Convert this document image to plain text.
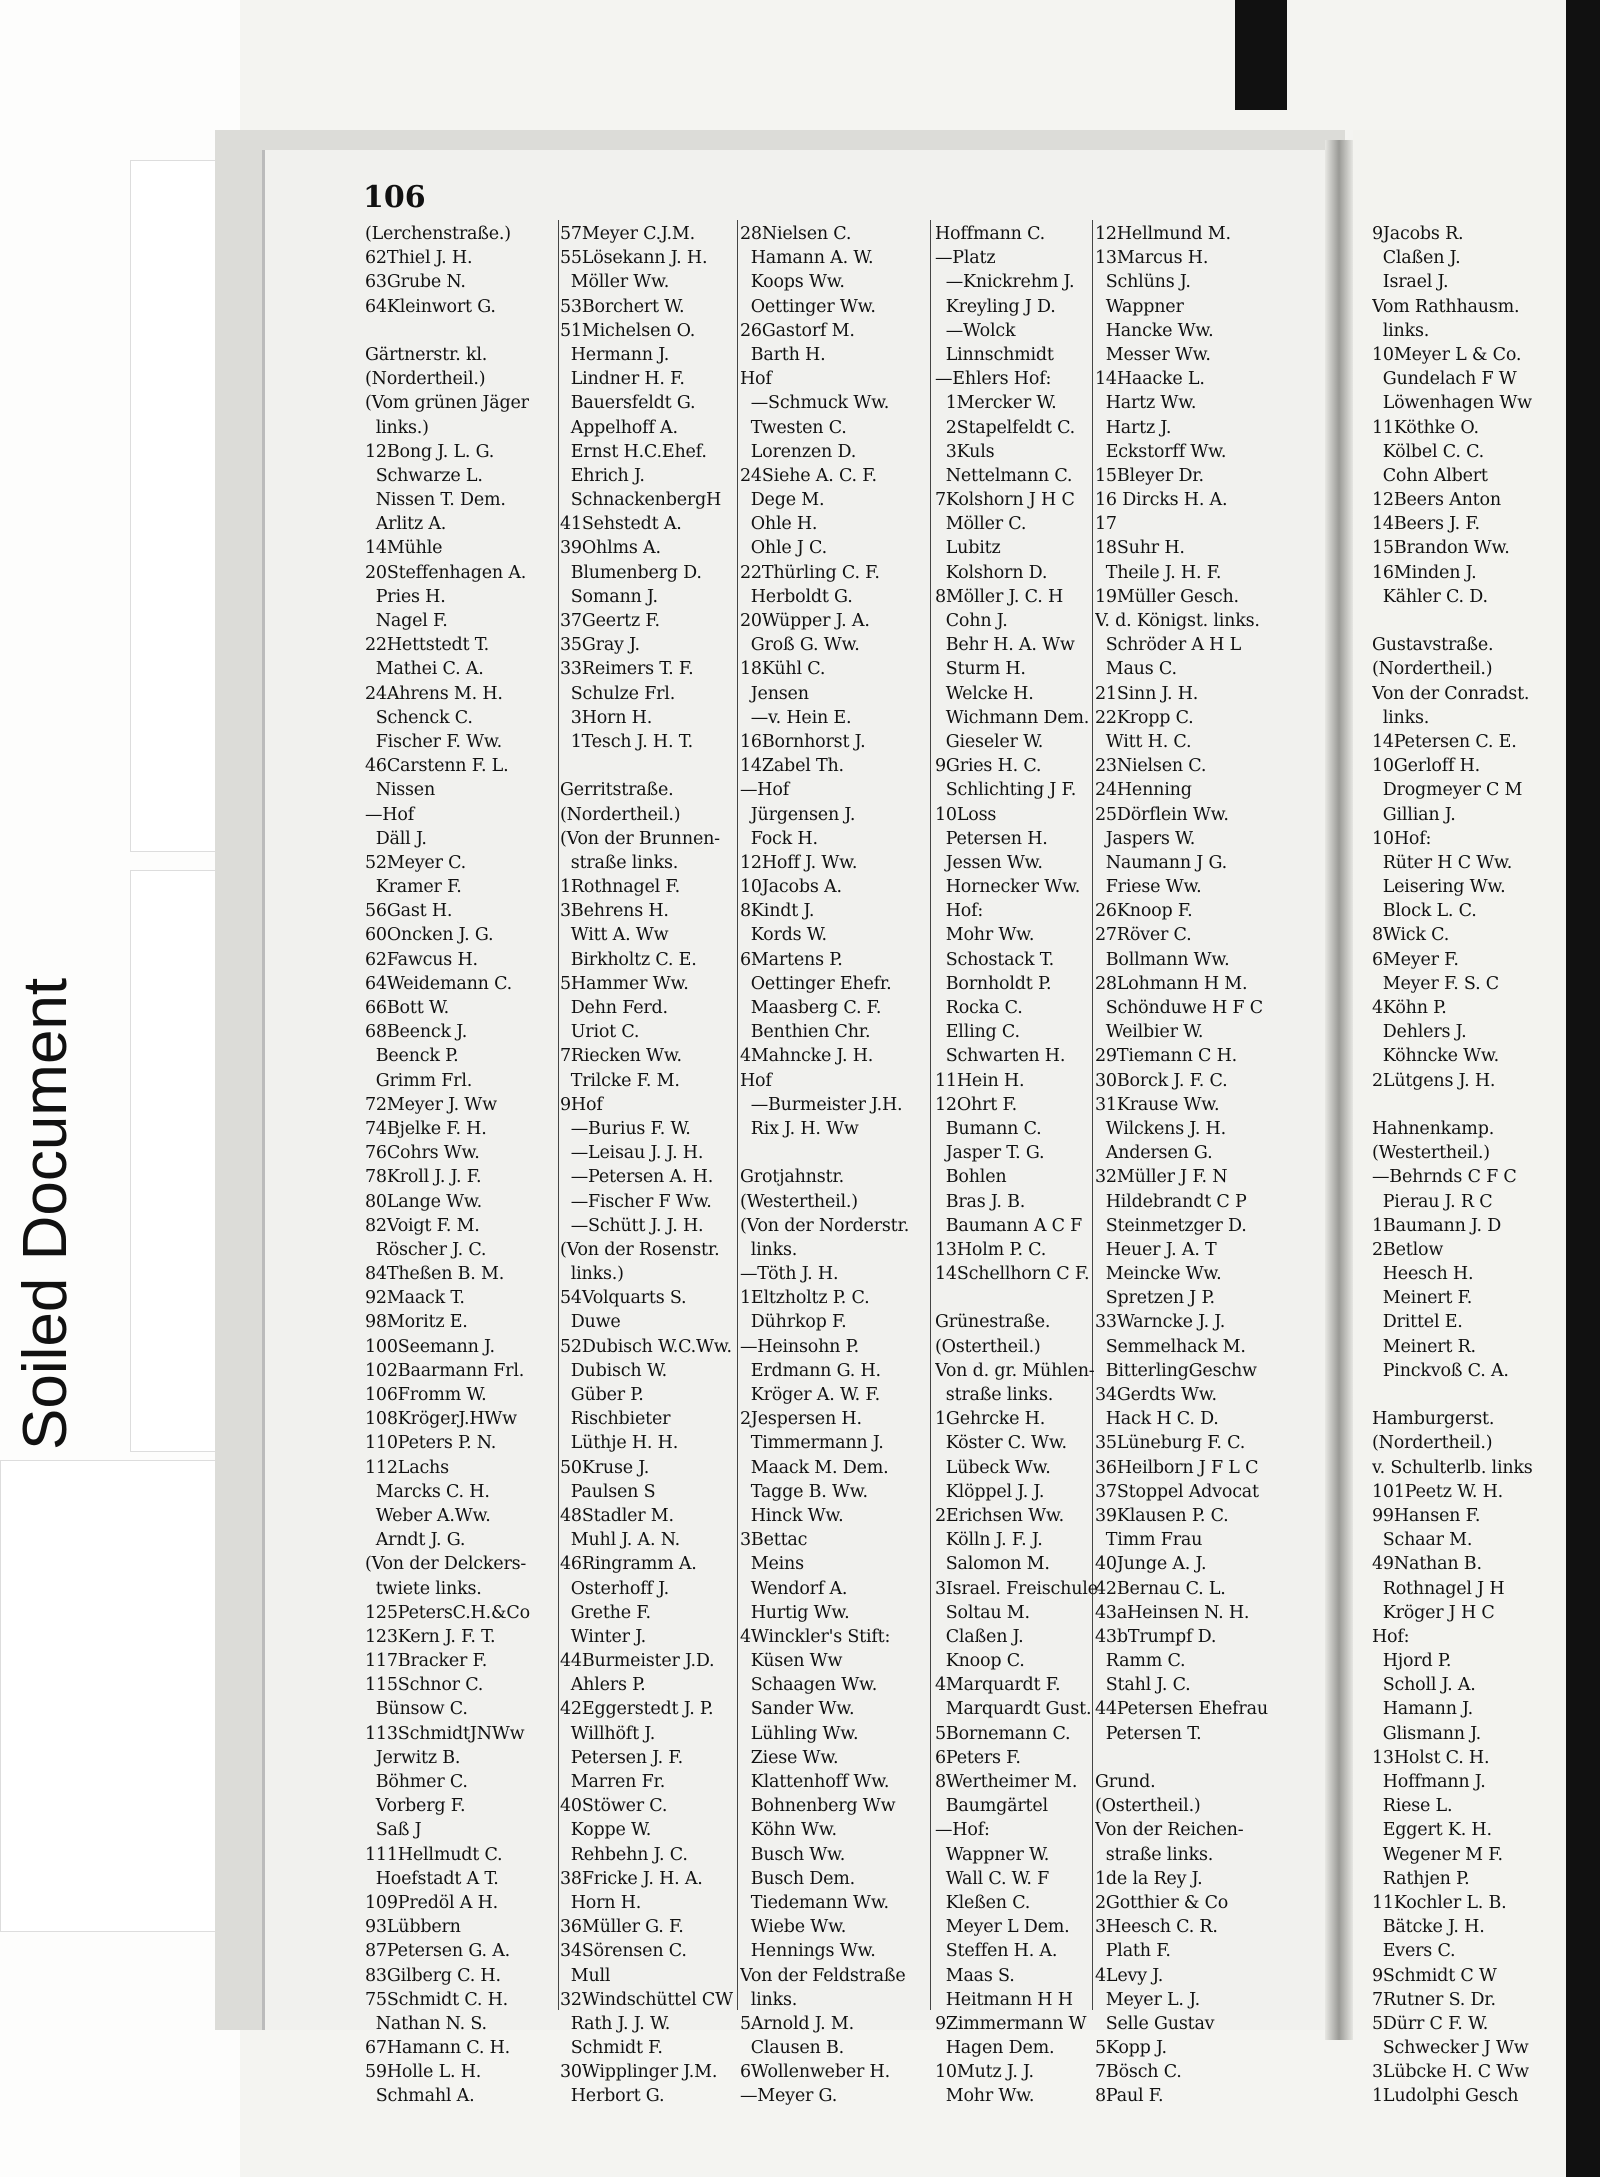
Soiled Document
106
(Lerchenstraße.)
62Thiel J. H.
63Grube N.
64Kleinwort G.
Gärtnerstr. kl.
(Nordertheil.)
(Vom grünen Jäger
links.)
12Bong J. L. G.
Schwarze L.
Nissen T. Dem.
Arlitz A.
14Mühle
20Steffenhagen A.
Pries H.
Nagel F.
22Hettstedt T.
Mathei C. A.
24Ahrens M. H.
Schenck C.
Fischer F. Ww.
46Carstenn F. L.
Nissen
—Hof
Däll J.
52Meyer C.
Kramer F.
56Gast H.
60Oncken J. G.
62Fawcus H.
64Weidemann C.
66Bott W.
68Beenck J.
Beenck P.
Grimm Frl.
72Meyer J. Ww
74Bjelke F. H.
76Cohrs Ww.
78Kroll J. J. F.
80Lange Ww.
82Voigt F. M.
Röscher J. C.
84Theßen B. M.
92Maack T.
98Moritz E.
100Seemann J.
102Baarmann Frl.
106Fromm W.
108KrögerJ.HWw
110Peters P. N.
112Lachs
Marcks C. H.
Weber A.Ww.
Arndt J. G.
(Von der Delckers-
twiete links.
125PetersC.H.&Co
123Kern J. F. T.
117Bracker F.
115Schnor C.
Bünsow C.
113SchmidtJNWw
Jerwitz B.
Böhmer C.
Vorberg F.
Saß J
111Hellmudt C.
Hoefstadt A T.
109Predöl A H.
93Lübbern
87Petersen G. A.
83Gilberg C. H.
75Schmidt C. H.
Nathan N. S.
67Hamann C. H.
59Holle L. H.
Schmahl A.
57Meyer C.J.M.
55Lösekann J. H.
Möller Ww.
53Borchert W.
51Michelsen O.
Hermann J.
Lindner H. F.
Bauersfeldt G.
Appelhoff A.
Ernst H.C.Ehef.
Ehrich J.
SchnackenbergH
41Sehstedt A.
39Ohlms A.
Blumenberg D.
Somann J.
37Geertz F.
35Gray J.
33Reimers T. F.
Schulze Frl.
3Horn H.
1Tesch J. H. T.
Gerritstraße.
(Nordertheil.)
(Von der Brunnen-
straße links.
1Rothnagel F.
3Behrens H.
Witt A. Ww
Birkholtz C. E.
5Hammer Ww.
Dehn Ferd.
Uriot C.
7Riecken Ww.
Trilcke F. M.
9Hof
—Burius F. W.
—Leisau J. J. H.
—Petersen A. H.
—Fischer F Ww.
—Schütt J. J. H.
(Von der Rosenstr.
links.)
54Volquarts S.
Duwe
52Dubisch W.C.Ww.
Dubisch W.
Güber P.
Rischbieter
Lüthje H. H.
50Kruse J.
Paulsen S
48Stadler M.
Muhl J. A. N.
46Ringramm A.
Osterhoff J.
Grethe F.
Winter J.
44Burmeister J.D.
Ahlers P.
42Eggerstedt J. P.
Willhöft J.
Petersen J. F.
Marren Fr.
40Stöwer C.
Koppe W.
Rehbehn J. C.
38Fricke J. H. A.
Horn H.
36Müller G. F.
34Sörensen C.
Mull
32Windschüttel CW
Rath J. J. W.
Schmidt F.
30Wipplinger J.M.
Herbort G.
28Nielsen C.
Hamann A. W.
Koops Ww.
Oettinger Ww.
26Gastorf M.
Barth H.
Hof
—Schmuck Ww.
Twesten C.
Lorenzen D.
24Siehe A. C. F.
Dege M.
Ohle H.
Ohle J C.
22Thürling C. F.
Herboldt G.
20Wüpper J. A.
Groß G. Ww.
18Kühl C.
Jensen
—v. Hein E.
16Bornhorst J.
14Zabel Th.
—Hof
Jürgensen J.
Fock H.
12Hoff J. Ww.
10Jacobs A.
8Kindt J.
Kords W.
6Martens P.
Oettinger Ehefr.
Maasberg C. F.
Benthien Chr.
4Mahncke J. H.
Hof
—Burmeister J.H.
Rix J. H. Ww
Grotjahnstr.
(Westertheil.)
(Von der Norderstr.
links.
—Töth J. H.
1Eltzholtz P. C.
Dührkop F.
—Heinsohn P.
Erdmann G. H.
Kröger A. W. F.
2Jespersen H.
Timmermann J.
Maack M. Dem.
Tagge B. Ww.
Hinck Ww.
3Bettac
Meins
Wendorf A.
Hurtig Ww.
4Winckler's Stift:
Küsen Ww
Schaagen Ww.
Sander Ww.
Lühling Ww.
Ziese Ww.
Klattenhoff Ww.
Bohnenberg Ww
Köhn Ww.
Busch Ww.
Busch Dem.
Tiedemann Ww.
Wiebe Ww.
Hennings Ww.
Von der Feldstraße
links.
5Arnold J. M.
Clausen B.
6Wollenweber H.
—Meyer G.
Hoffmann C.
—Platz
—Knickrehm J.
Kreyling J D.
—Wolck
Linnschmidt
—Ehlers Hof:
1Mercker W.
2Stapelfeldt C.
3Kuls
Nettelmann C.
7Kolshorn J H C
Möller C.
Lubitz
Kolshorn D.
8Möller J. C. H
Cohn J.
Behr H. A. Ww
Sturm H.
Welcke H.
Wichmann Dem.
Gieseler W.
9Gries H. C.
Schlichting J F.
10Loss
Petersen H.
Jessen Ww.
Hornecker Ww.
Hof:
Mohr Ww.
Schostack T.
Bornholdt P.
Rocka C.
Elling C.
Schwarten H.
11Hein H.
12Ohrt F.
Bumann C.
Jasper T. G.
Bohlen
Bras J. B.
Baumann A C F
13Holm P. C.
14Schellhorn C F.
Grünestraße.
(Ostertheil.)
Von d. gr. Mühlen-
straße links.
1Gehrcke H.
Köster C. Ww.
Lübeck Ww.
Klöppel J. J.
2Erichsen Ww.
Kölln J. F. J.
Salomon M.
3Israel. Freischule
Soltau M.
Claßen J.
Knoop C.
4Marquardt F.
Marquardt Gust.
5Bornemann C.
6Peters F.
8Wertheimer M.
Baumgärtel
—Hof:
Wappner W.
Wall C. W. F
Kleßen C.
Meyer L Dem.
Steffen H. A.
Maas S.
Heitmann H H
9Zimmermann W
Hagen Dem.
10Mutz J. J.
Mohr Ww.
12Hellmund M.
13Marcus H.
Schlüns J.
Wappner
Hancke Ww.
Messer Ww.
14Haacke L.
Hartz Ww.
Hartz J.
Eckstorff Ww.
15Bleyer Dr.
16 Dircks H. A.
17
18Suhr H.
Theile J. H. F.
19Müller Gesch.
V. d. Königst. links.
Schröder A H L
Maus C.
21Sinn J. H.
22Kropp C.
Witt H. C.
23Nielsen C.
24Henning
25Dörflein Ww.
Jaspers W.
Naumann J G.
Friese Ww.
26Knoop F.
27Röver C.
Bollmann Ww.
28Lohmann H M.
Schönduwe H F C
Weilbier W.
29Tiemann C H.
30Borck J. F. C.
31Krause Ww.
Wilckens J. H.
Andersen G.
32Müller J F. N
Hildebrandt C P
Steinmetzger D.
Heuer J. A. T
Meincke Ww.
Spretzen J P.
33Warncke J. J.
Semmelhack M.
BitterlingGeschw
34Gerdts Ww.
Hack H C. D.
35Lüneburg F. C.
36Heilborn J F L C
37Stoppel Advocat
39Klausen P. C.
Timm Frau
40Junge A. J.
42Bernau C. L.
43aHeinsen N. H.
43bTrumpf D.
Ramm C.
Stahl J. C.
44Petersen Ehefrau
Petersen T.
Grund.
(Ostertheil.)
Von der Reichen-
straße links.
1de la Rey J.
2Gotthier & Co
3Heesch C. R.
Plath F.
4Levy J.
Meyer L. J.
Selle Gustav
5Kopp J.
7Bösch C.
8Paul F.
9Jacobs R.
Claßen J.
Israel J.
Vom Rathhausm.
links.
10Meyer L & Co.
Gundelach F W
Löwenhagen Ww
11Köthke O.
Kölbel C. C.
Cohn Albert
12Beers Anton
14Beers J. F.
15Brandon Ww.
16Minden J.
Kähler C. D.
Gustavstraße.
(Nordertheil.)
Von der Conradst.
links.
14Petersen C. E.
10Gerloff H.
Drogmeyer C M
Gillian J.
10Hof:
Rüter H C Ww.
Leisering Ww.
Block L. C.
8Wick C.
6Meyer F.
Meyer F. S. C
4Köhn P.
Dehlers J.
Köhncke Ww.
2Lütgens J. H.
Hahnenkamp.
(Westertheil.)
—Behrnds C F C
Pierau J. R C
1Baumann J. D
2Betlow
Heesch H.
Meinert F.
Drittel E.
Meinert R.
Pinckvoß C. A.
Hamburgerst.
(Nordertheil.)
v. Schulterlb. links
101Peetz W. H.
99Hansen F.
Schaar M.
49Nathan B.
Rothnagel J H
Kröger J H C
Hof:
Hjord P.
Scholl J. A.
Hamann J.
Glismann J.
13Holst C. H.
Hoffmann J.
Riese L.
Eggert K. H.
Wegener M F.
Rathjen P.
11Kochler L. B.
Bätcke J. H.
Evers C.
9Schmidt C W
7Rutner S. Dr.
5Dürr C F. W.
Schwecker J Ww
3Lübcke H. C Ww
1Ludolphi Gesch
